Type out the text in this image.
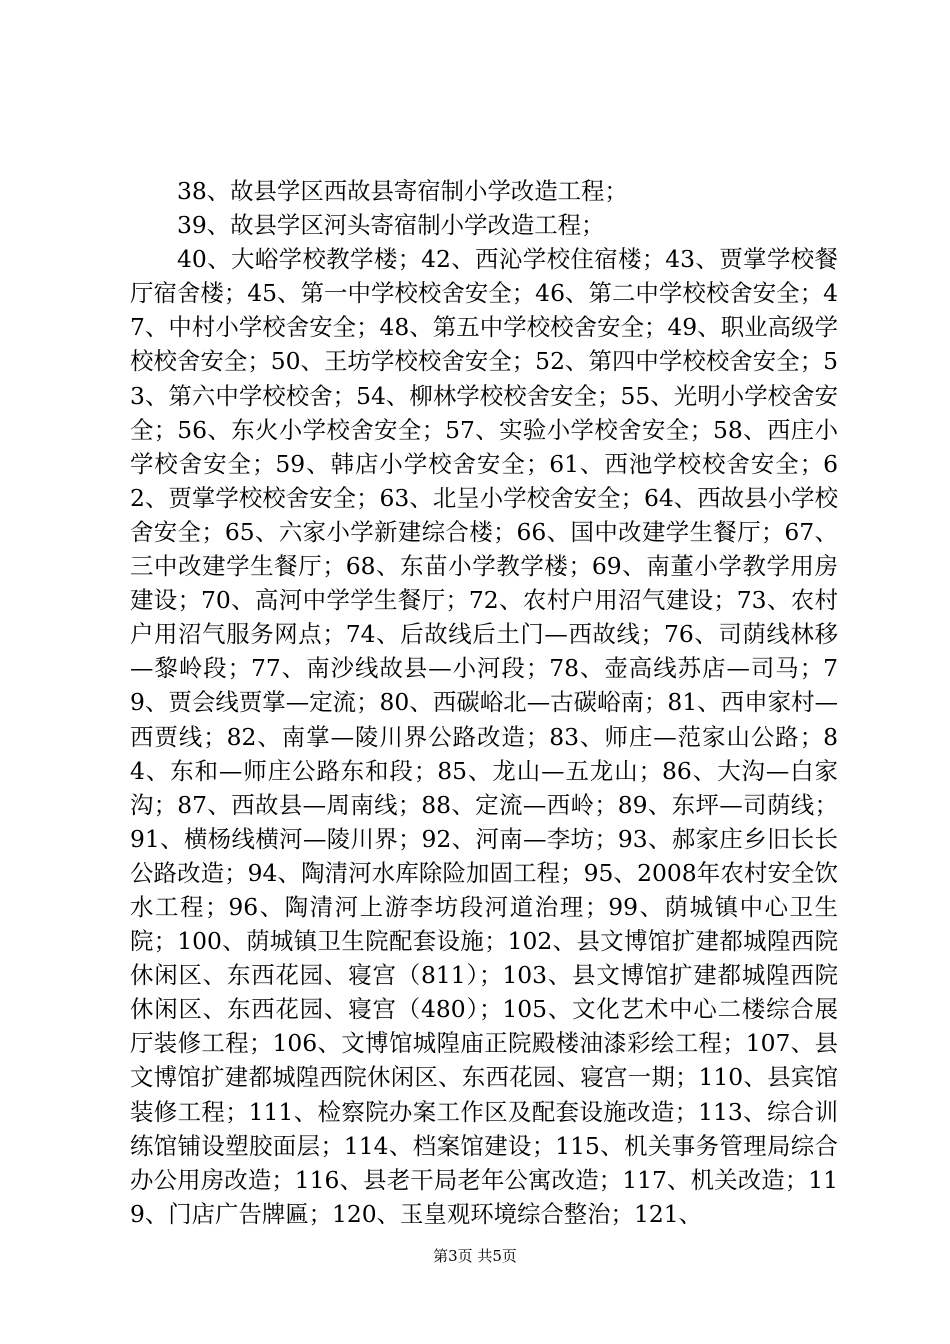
38、故县学区西故县寄宿制小学改造工程；

39、故县学区河头寄宿制小学改造工程；

40、大峪学校教学楼；42、西沁学校住宿楼；43、贾掌学校餐厅宿舍楼；45、第一中学校校舍安全；46、第二中学校校舍安全；47、中村小学校舍安全；48、第五中学校校舍安全；49、职业高级学校校舍安全；50、王坊学校校舍安全；52、第四中学校校舍安全；53、第六中学校校舍；54、柳林学校校舍安全；55、光明小学校舍安全；56、东火小学校舍安全；57、实验小学校舍安全；58、西庄小学校舍安全；59、韩店小学校舍安全；61、西池学校校舍安全；62、贾掌学校校舍安全；63、北呈小学校舍安全；64、西故县小学校舍安全；65、六家小学新建综合楼；66、国中改建学生餐厅；67、三中改建学生餐厅；68、东苗小学教学楼；69、南董小学教学用房建设；70、高河中学学生餐厅；72、农村户用沼气建设；73、农村户用沼气服务网点；74、后故线后土门—西故线；76、司荫线林移—黎岭段；77、南沙线故县—小河段；78、壶高线苏店—司马；79、贾会线贾掌—定流；80、西碳峪北—古碳峪南；81、西申家村—西贾线；82、南掌—陵川界公路改造；83、师庄—范家山公路；84、东和—师庄公路东和段；85、龙山—五龙山；86、大沟—白家沟；87、西故县—周南线；88、定流—西岭；89、东坪—司荫线；91、横杨线横河—陵川界；92、河南—李坊；93、郝家庄乡旧长长公路改造；94、陶清河水库除险加固工程；95、2008年农村安全饮水工程；96、陶清河上游李坊段河道治理；99、荫城镇中心卫生院；100、荫城镇卫生院配套设施；102、县文博馆扩建都城隍西院休闲区、东西花园、寝宫（811）；103、县文博馆扩建都城隍西院休闲区、东西花园、寝宫（480）；105、文化艺术中心二楼综合展厅装修工程；106、文博馆城隍庙正院殿楼油漆彩绘工程；107、县文博馆扩建都城隍西院休闲区、东西花园、寝宫一期；110、县宾馆装修工程；111、检察院办案工作区及配套设施改造；113、综合训练馆铺设塑胶面层；114、档案馆建设；115、机关事务管理局综合办公用房改造；116、县老干局老年公寓改造；117、机关改造；119、门店广告牌匾；120、玉皇观环境综合整治；121、

第3页 共5页
